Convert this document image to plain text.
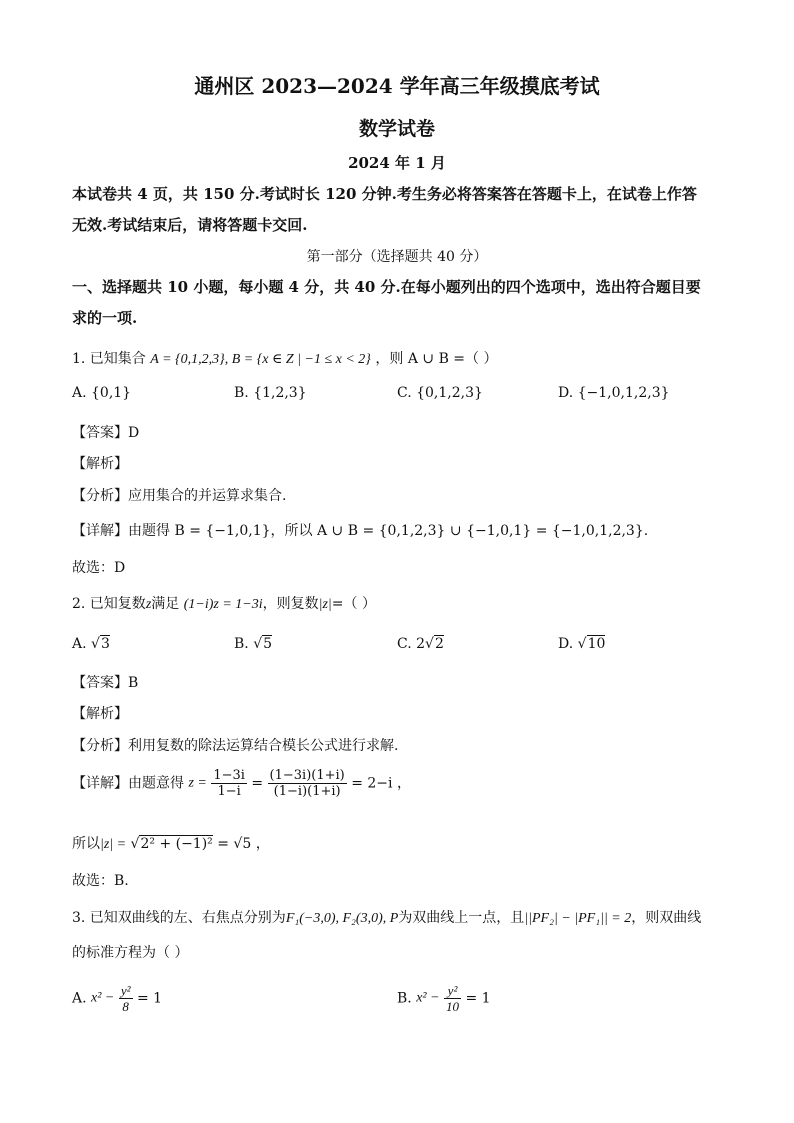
通州区 2023—2024 学年高三年级摸底考试
数学试卷
2024 年 1 月
本试卷共 4 页，共 150 分.考试时长 120 分钟.考生务必将答案答在答题卡上，在试卷上作答
无效.考试结束后，请将答题卡交回.
第一部分（选择题共 40 分）
一、选择题共 10 小题，每小题 4 分，共 40 分.在每小题列出的四个选项中，选出符合题目要
求的一项.
1. 已知集合 A = {0,1,2,3}, B = {x ∈ Z | −1 ≤ x < 2} ，则 A ∪ B =（ ）
A. {0,1}	B. {1,2,3}	C. {0,1,2,3}	D. {−1,0,1,2,3}
【答案】D
【解析】
【分析】应用集合的并运算求集合.
【详解】由题得 B = {−1,0,1}，所以 A ∪ B = {0,1,2,3} ∪ {−1,0,1} = {−1,0,1,2,3}.
故选：D
2. 已知复数z满足 (1−i)z = 1−3i，则复数|z|=（ ）
A. √3	B. √5	C. 2√2	D. √10
【答案】B
【解析】
【分析】利用复数的除法运算结合模长公式进行求解.
【详解】由题意得 $z = \frac{1-3i}{1-i} = \frac{(1-3i)(1+i)}{(1-i)(1+i)} = 2-i$ ，
所以|z| = √2² + (−1)² = √5 ，
故选：B.
3. 已知双曲线的左、右焦点分别为F₁(−3,0), F₂(3,0), P为双曲线上一点，且||PF₂| − |PF₁|| = 2，则双曲线
的标准方程为（ ）
A. $x^2 - \frac{\text{y²}}{8} = 1$	B. $x^2 - \frac{\text{y²}}{10} = 1$
